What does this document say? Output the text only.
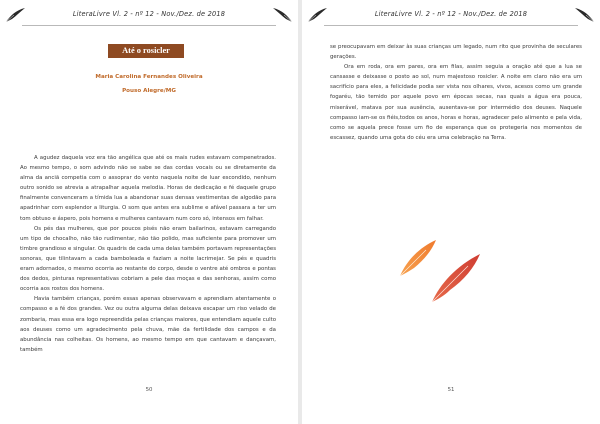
LiteraLivre Vl. 2 - nº 12 - Nov./Dez. de 2018
Até o rosicler
Maria Carolina Fernandes Oliveira
Pouso Alegre/MG

A agudez daquela voz era tão angélica que até os mais rudes estavam compenetrados. Ao mesmo tempo, o som advindo não se sabe se das cordas vocais ou se diretamente da alma da anciã competia com o assoprar do vento naquela noite de luar escondido, nenhum outro sonido se atrevia a atrapalhar aquela melodia. Horas de dedicação e fé daquele grupo finalmente convenceram a tímida lua a abandonar suas densas vestimentas de algodão para apadrinhar com esplendor a liturgia. O som que antes era sublime e afável passara a ter um tom obtuso e áspero, pois homens e mulheres cantavam num coro só, intensos em falhar.

Os pés das mulheres, que por poucos pisés não eram bailarinos, estavam carregando um tipo de chocalho, não tão rudimentar, não tão polido, mas suficiente para promover um timbre grandioso e singular. Os quadris de cada uma delas também portavam representações sonoras, que tilintavam a cada bamboleada e faziam a noite lacrimejar. Se pés e quadris eram adornados, o mesmo ocorria ao restante do corpo, desde o ventre até ombros e pontas dos dedos, pinturas representativas cobriam a pele das moças e das senhoras, assim como ocorria aos rostos dos homens.

Havia também crianças, porém essas apenas observavam e aprendiam atentamente o compasso e a fé dos grandes. Vez ou outra alguma delas deixava escapar um riso velado de zombaria, mas essa era logo repreendida pelas crianças maiores, que entendiam aquele culto aos deuses como um agradecimento pela chuva, mãe da fertilidade dos campos e da abundância nas colheitas. Os homens, ao mesmo tempo em que cantavam e dançavam, também

50
LiteraLivre Vl. 2 - nº 12 - Nov./Dez. de 2018

se preocupavam em deixar às suas crianças um legado, num rito que provinha de seculares gerações.

Ora em roda, ora em pares, ora em filas, assim seguia a oração até que a lua se cansasse e deixasse o posto ao sol, num majestoso rosicler. A noite em claro não era um sacrifício para eles, a felicidade podia ser vista nos olhares, vivos, acesos como um grande fogaréu, tão temido por aquele povo em épocas secas, nas quais a água era pouca, miserável, matava por sua ausência, ausentava-se por intermédio dos deuses. Naquele compasso iam-se os fiéis,todos os anos, horas e horas, agradecer pelo alimento e pela vida, como se aquela prece fosse um fio de esperança que os protegeria nos momentos de escassez, quando uma gota do céu era uma celebração na Terra.

51
